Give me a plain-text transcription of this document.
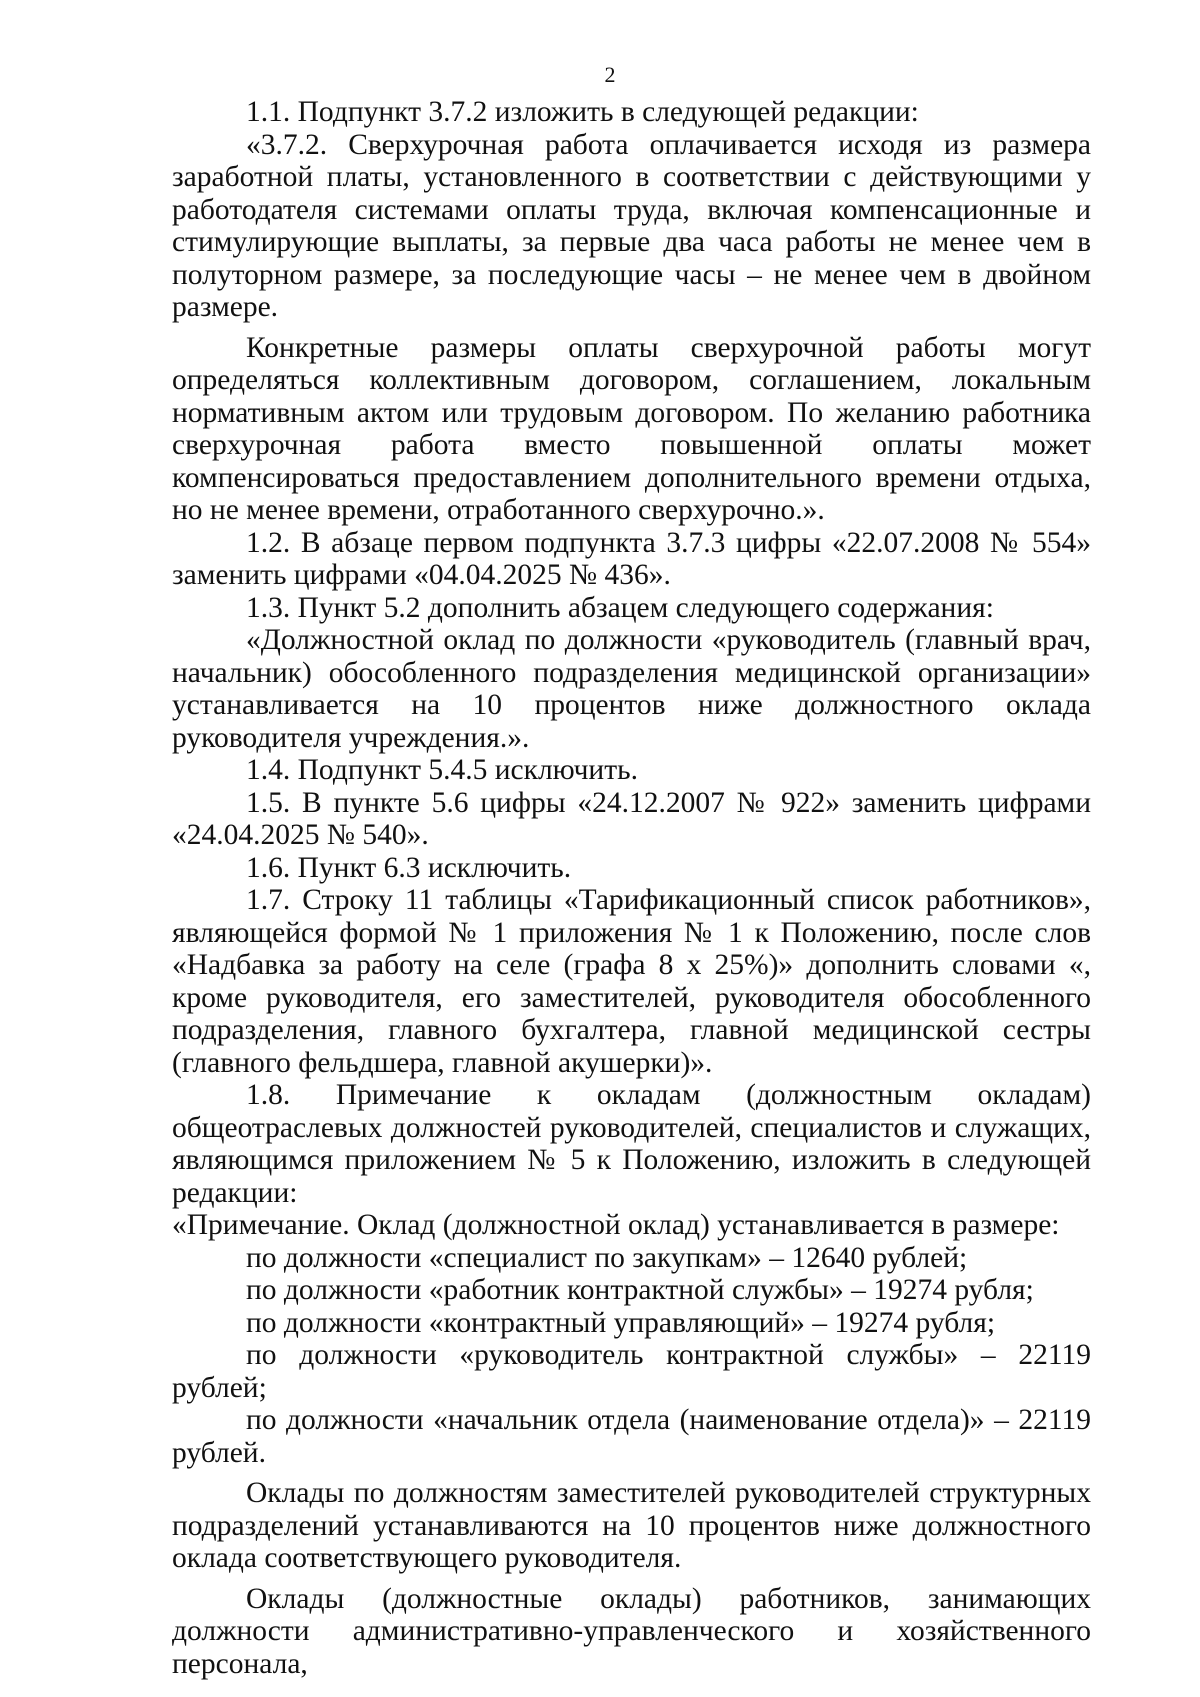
2

1.1. Подпункт 3.7.2 изложить в следующей редакции:

«3.7.2. Сверхурочная работа оплачивается исходя из размера заработной платы, установленного в соответствии с действующими у работодателя системами оплаты труда, включая компенсационные и стимулирующие выплаты, за первые два часа работы не менее чем в полуторном размере, за последующие часы – не менее чем в двойном размере.

Конкретные размеры оплаты сверхурочной работы могут определяться коллективным договором, соглашением, локальным нормативным актом или трудовым договором. По желанию работника сверхурочная работа вместо повышенной оплаты может компенсироваться предоставлением дополнительного времени отдыха, но не менее времени, отработанного сверхурочно.».

1.2. В абзаце первом подпункта 3.7.3 цифры «22.07.2008 № 554» заменить цифрами «04.04.2025 № 436».

1.3. Пункт 5.2 дополнить абзацем следующего содержания:

«Должностной оклад по должности «руководитель (главный врач, начальник) обособленного подразделения медицинской организации» устанавливается на 10 процентов ниже должностного оклада руководителя учреждения.».

1.4. Подпункт 5.4.5 исключить.

1.5. В пункте 5.6 цифры «24.12.2007 № 922» заменить цифрами «24.04.2025 № 540».

1.6. Пункт 6.3 исключить.

1.7. Строку 11 таблицы «Тарификационный список работников», являющейся формой № 1 приложения № 1 к Положению, после слов «Надбавка за работу на селе (графа 8 х 25%)» дополнить словами «, кроме руководителя, его заместителей, руководителя обособленного подразделения, главного бухгалтера, главной медицинской сестры (главного фельдшера, главной акушерки)».

1.8. Примечание к окладам (должностным окладам) общеотраслевых должностей руководителей, специалистов и служащих, являющимся приложением № 5 к Положению, изложить в следующей редакции:

«Примечание. Оклад (должностной оклад) устанавливается в размере:

по должности «специалист по закупкам» – 12640 рублей;

по должности «работник контрактной службы» – 19274 рубля;

по должности «контрактный управляющий» – 19274 рубля;

по должности «руководитель контрактной службы» – 22119 рублей;

по должности «начальник отдела (наименование отдела)» – 22119 рублей.

Оклады по должностям заместителей руководителей структурных подразделений устанавливаются на 10 процентов ниже должностного оклада соответствующего руководителя.

Оклады (должностные оклады) работников, занимающих должности административно-управленческого и хозяйственного персонала,
